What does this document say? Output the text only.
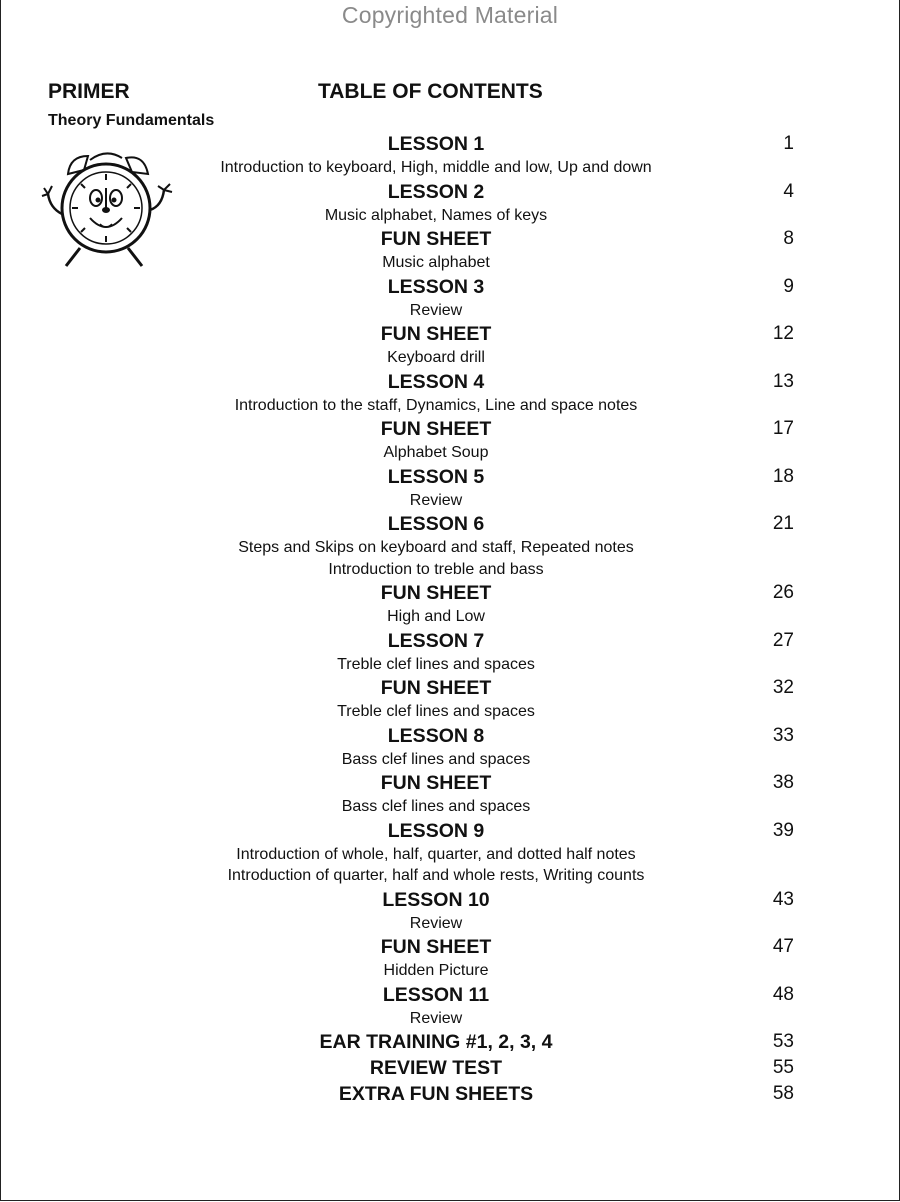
Copyrighted Material
PRIMER	TABLE OF CONTENTS
Theory Fundamentals
LESSON 1	1
Introduction to keyboard, High, middle and low, Up and down
LESSON 2	4
Music alphabet, Names of keys
FUN SHEET	8
Music alphabet
LESSON 3	9
Review
FUN SHEET	12
Keyboard drill
LESSON 4	13
Introduction to the staff, Dynamics, Line and space notes
FUN SHEET	17
Alphabet Soup
LESSON 5	18
Review
LESSON 6	21
Steps and Skips on keyboard and staff, Repeated notes
Introduction to treble and bass
FUN SHEET	26
High and Low
LESSON 7	27
Treble clef lines and spaces
FUN SHEET	32
Treble clef lines and spaces
LESSON 8	33
Bass clef lines and spaces
FUN SHEET	38
Bass clef lines and spaces
LESSON 9	39
Introduction of whole, half, quarter, and dotted half notes
Introduction of quarter, half and whole rests, Writing counts
LESSON 10	43
Review
FUN SHEET	47
Hidden Picture
LESSON 11	48
Review
EAR TRAINING #1, 2, 3, 4	53
REVIEW TEST	55
EXTRA FUN SHEETS	58
